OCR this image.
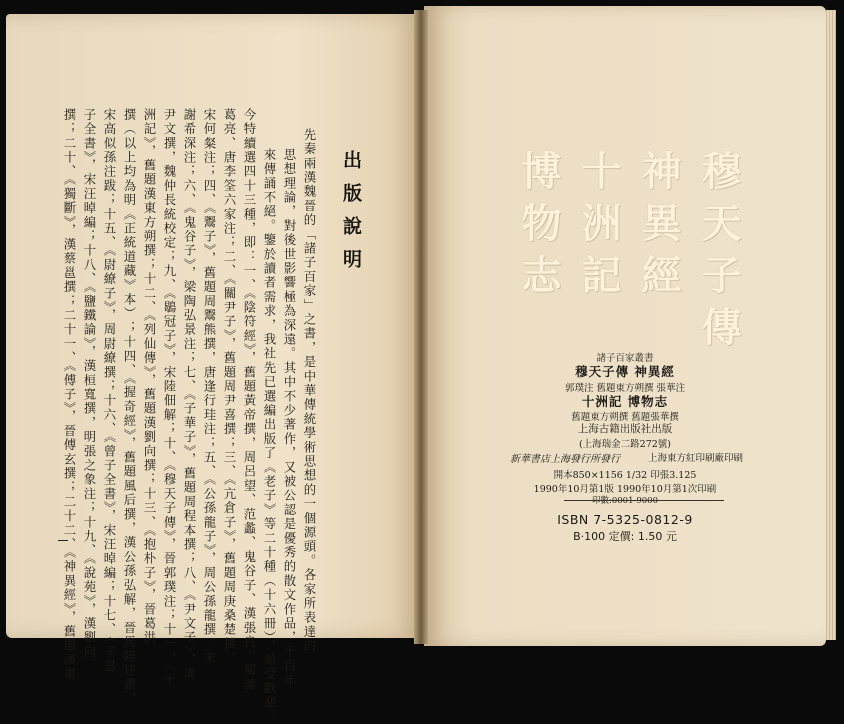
出版說明
先秦兩漢魏晉的「諸子百家」之書，是中華傳統學術思想的一個源頭。各家所表達的
思想理論，對後世影響極為深遠。其中不少著作，又被公認是優秀的散文作品，千百年
來傳誦不絕。鑒於讀者需求，我社先已選編出版了《老子》等二十種（十六冊），頗受歡迎。
今特續選四十三種，即：一、《陰符經》，舊題黃帝撰，周呂望、范蠡、鬼谷子、漢張良、蜀諸
葛亮、唐李筌六家注；二、《關尹子》，舊題周尹喜撰；三、《亢倉子》，舊題周庚桑楚撰，
宋何粲注；四、《鬻子》，舊題周鬻熊撰，唐逢行珪注；五、《公孫龍子》，周公孫龍撰，宋
謝希深注；六、《鬼谷子》，梁陶弘景注；七、《子華子》，舊題周程本撰；八、《尹文子》，周
尹文撰，魏仲長統校定；九、《鶡冠子》，宋陸佃解；十、《穆天子傳》，晉郭璞注；十一、《十
洲記》，舊題漢東方朔撰；十二、《列仙傳》，舊題漢劉向撰；十三、《抱朴子》，晉葛洪
撰（以上均為明《正統道藏》本）；十四、《握奇經》，舊題風后撰，漢公孫弘解，晉馬隆述讚，
宋高似孫注跋；十五、《尉繚子》，周尉繚撰；十六、《曾子全書》，宋汪晫編；十七、《子思
子全書》，宋汪晫編；十八、《鹽鐵論》，漢桓寬撰，明張之象注；十九、《說苑》，漢劉向
撰；二十、《獨斷》，漢蔡邕撰；二十一、《傅子》，晉傅玄撰；二十二、《神異經》，舊題漢東	穆天子傳
神異經
十洲記
博物志
諸子百家叢書
穆天子傳 神異經
郭璞注 舊題東方朔撰 張華注
十洲記 博物志
舊題東方朔撰 舊題張華撰
上海古籍出版社出版
(上海瑞金二路272號)
新華書店上海發行所發行	上海東方紅印刷廠印刷
開本850×1156 1/32 印張3.125
1990年10月第1版 1990年10月第1次印刷
印數:0001-9000
ISBN 7-5325-0812-9
B·100 定價: 1.50 元
